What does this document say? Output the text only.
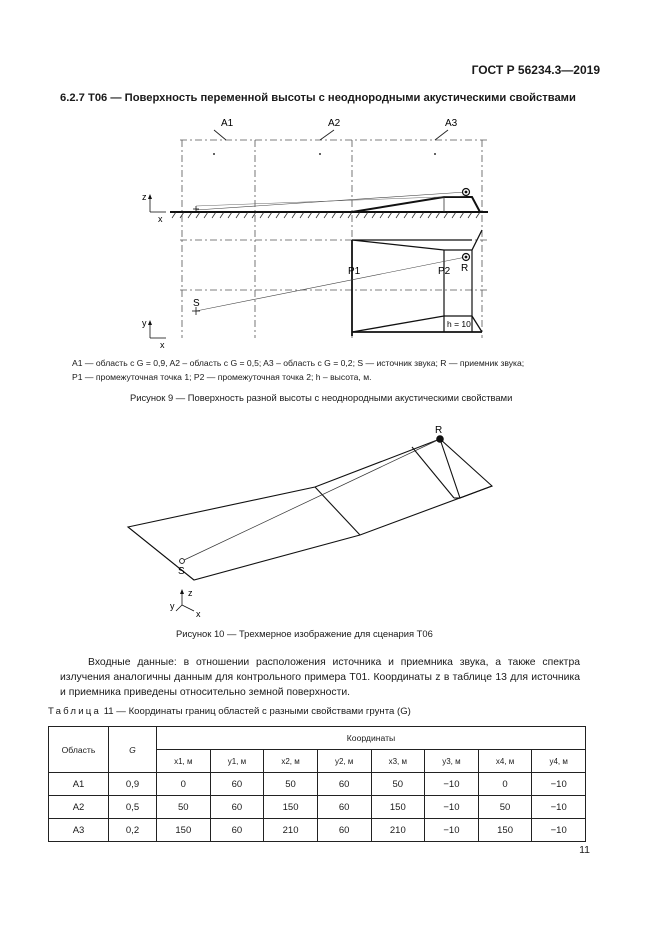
ГОСТ Р 56234.3—2019
6.2.7 T06 — Поверхность переменной высоты с неоднородными акустическими свойствами
A1	A2	A3
z
x
S
R
P1	P2
h = 10
y
x
A1 — область с G = 0,9, A2 – область с G = 0,5; A3 – область с G = 0,2; S — источник звука; R — приемник звука;
P1 — промежуточная точка 1; P2 — промежуточная точка 2; h – высота, м.
Рисунок 9 — Поверхность разной высоты с неоднородными акустическими свойствами
R
S
z
y
x
Рисунок 10 — Трехмерное изображение для сценария T06
Входные данные: в отношении расположения источника и приемника звука, а также спектра излучения аналогичны данным для контрольного примера T01. Координаты z в таблице 13 для источника и приемника приведены относительно земной поверхности.
Таблица 11 — Координаты границ областей с разными свойствами грунта (G)
Область	G	Координаты							
		x1, м	y1, м	x2, м	y2, м	x3, м	y3, м	x4, м	y4, м
A1	0,9	0	60	50	60	50	−10	0	−10
A2	0,5	50	60	150	60	150	−10	50	−10
A3	0,2	150	60	210	60	210	−10	150	−10
11
